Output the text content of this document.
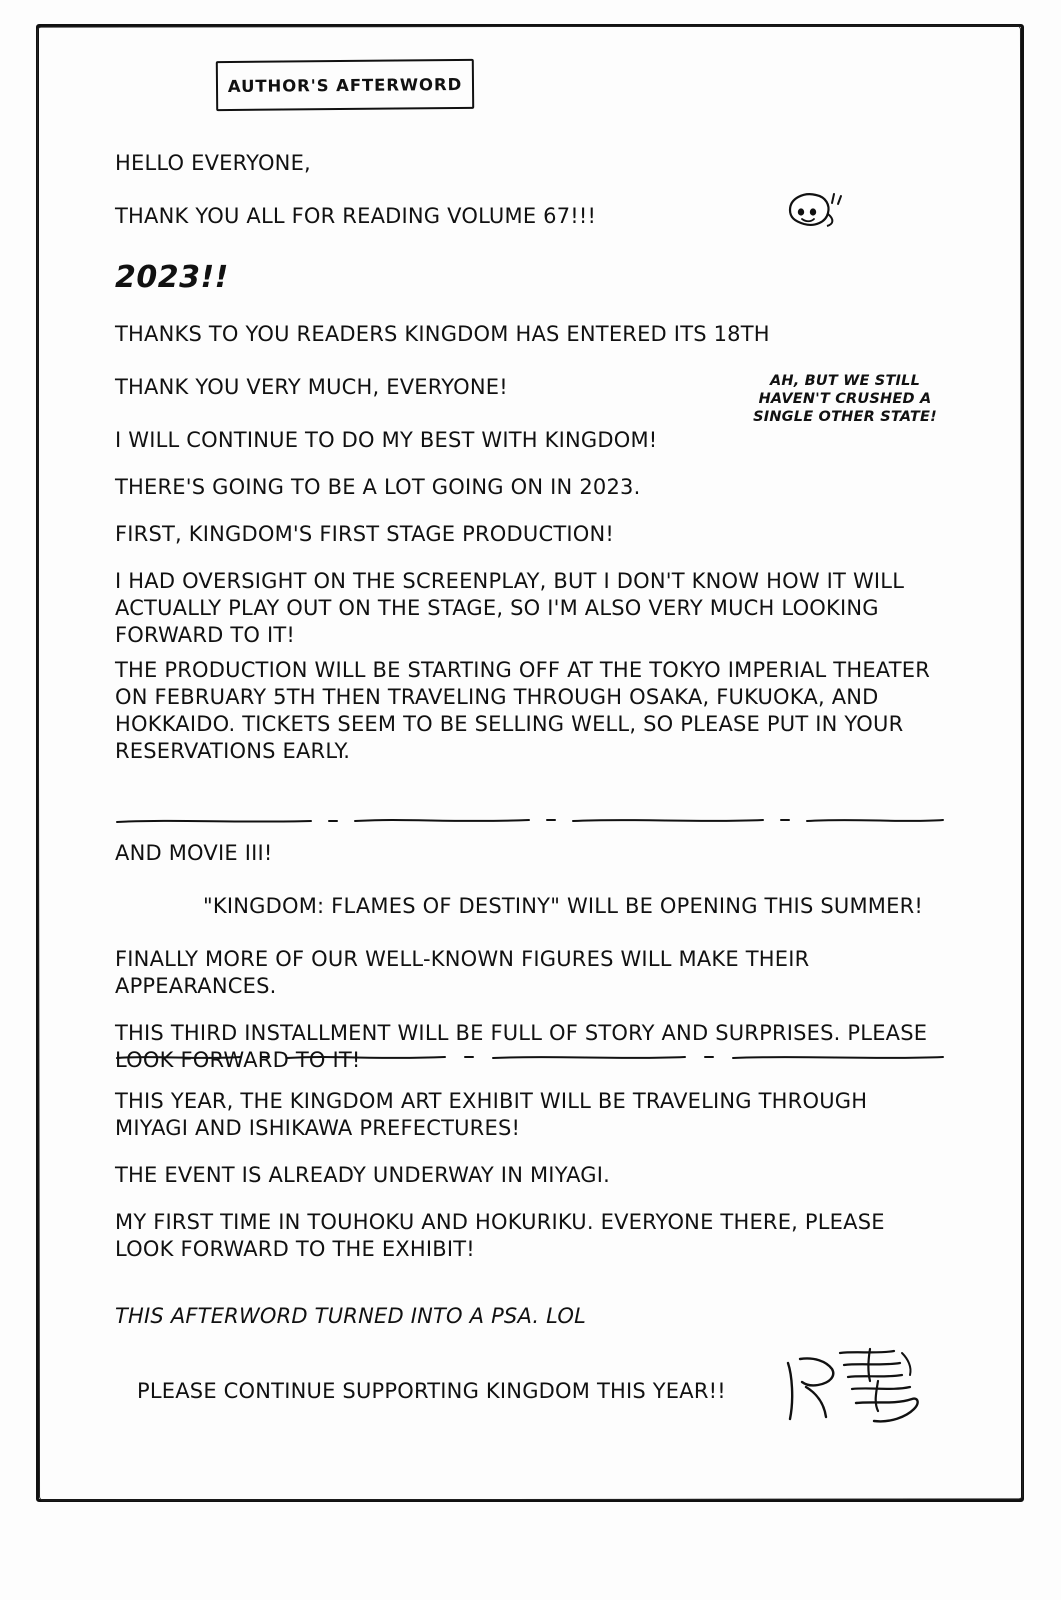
AUTHOR'S AFTERWORD
AH, BUT WE STILL HAVEN'T CRUSHED A SINGLE OTHER STATE!
HELLO EVERYONE,
THANK YOU ALL FOR READING VOLUME 67!!!
2023!!
THANKS TO YOU READERS KINGDOM HAS ENTERED ITS 18TH
THANK YOU VERY MUCH, EVERYONE!
I WILL CONTINUE TO DO MY BEST WITH KINGDOM!
THERE'S GOING TO BE A LOT GOING ON IN 2023.
FIRST, KINGDOM'S FIRST STAGE PRODUCTION!
I HAD OVERSIGHT ON THE SCREENPLAY, BUT I DON'T KNOW HOW IT WILL ACTUALLY PLAY OUT ON THE STAGE, SO I'M ALSO VERY MUCH LOOKING FORWARD TO IT!
THE PRODUCTION WILL BE STARTING OFF AT THE TOKYO IMPERIAL THEATER ON FEBRUARY 5TH THEN TRAVELING THROUGH OSAKA, FUKUOKA, AND HOKKAIDO. TICKETS SEEM TO BE SELLING WELL, SO PLEASE PUT IN YOUR RESERVATIONS EARLY.
AND MOVIE III!
"KINGDOM: FLAMES OF DESTINY" WILL BE OPENING THIS SUMMER!
FINALLY MORE OF OUR WELL-KNOWN FIGURES WILL MAKE THEIR APPEARANCES.
THIS THIRD INSTALLMENT WILL BE FULL OF STORY AND SURPRISES. PLEASE LOOK FORWARD TO IT!
THIS YEAR, THE KINGDOM ART EXHIBIT WILL BE TRAVELING THROUGH MIYAGI AND ISHIKAWA PREFECTURES!
THE EVENT IS ALREADY UNDERWAY IN MIYAGI.
MY FIRST TIME IN TOUHOKU AND HOKURIKU. EVERYONE THERE, PLEASE LOOK FORWARD TO THE EXHIBIT!
THIS AFTERWORD TURNED INTO A PSA. LOL
PLEASE CONTINUE SUPPORTING KINGDOM THIS YEAR!!
